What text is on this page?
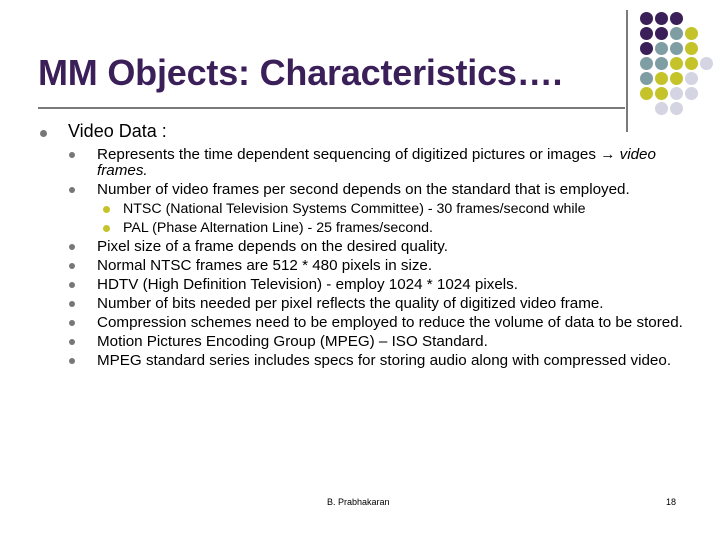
MM Objects: Characteristics….
Video Data :
Represents the time dependent sequencing of digitized pictures or images → video frames.
Number of video frames per second depends on the standard that is employed.
NTSC (National Television Systems Committee) - 30 frames/second while
PAL (Phase Alternation Line) - 25 frames/second.
Pixel size of a frame depends on the desired quality.
Normal NTSC frames are 512 * 480 pixels in size.
HDTV (High Definition Television) - employ 1024 * 1024 pixels.
Number of bits needed per pixel reflects the quality of digitized video frame.
Compression schemes need to be employed to reduce the volume of data to be stored.
Motion Pictures Encoding Group (MPEG) – ISO Standard.
MPEG standard series includes specs for storing audio along with compressed video.
B. Prabhakaran	18
